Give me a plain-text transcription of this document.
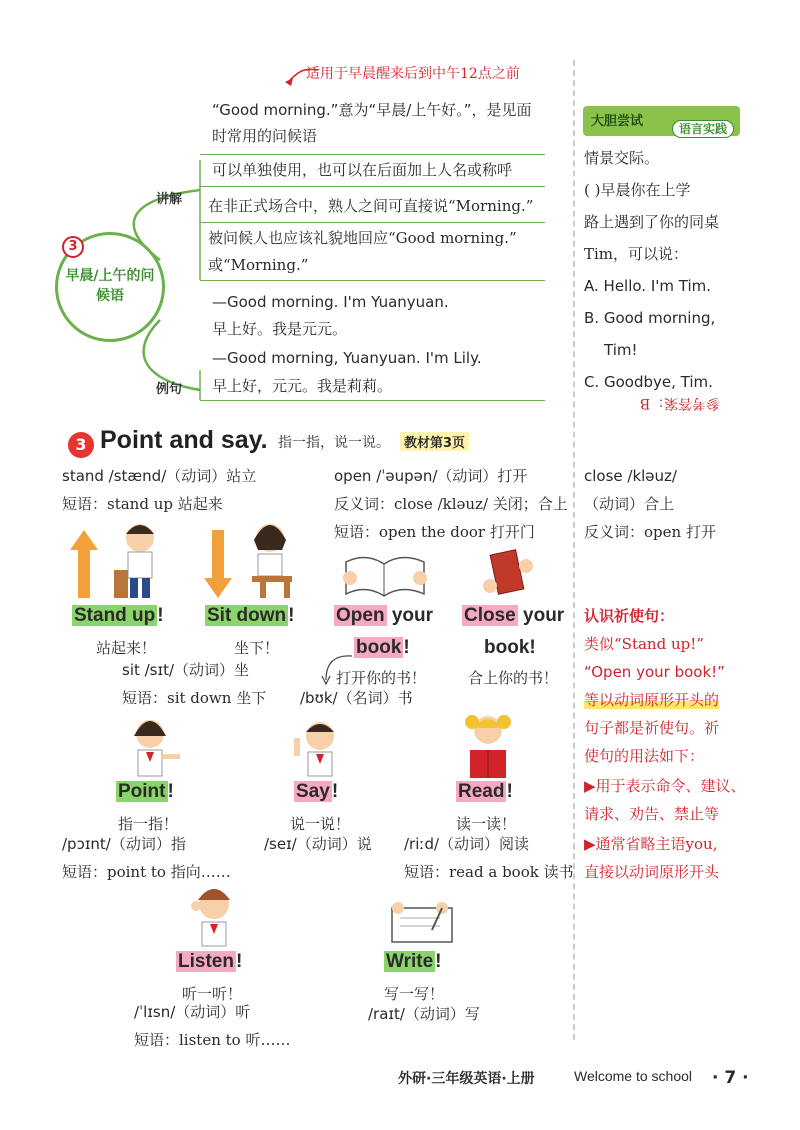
适用于早晨醒来后到中午12点之前
“Good morning.”意为“早晨/上午好。”，是见面
时常用的问候语
讲解
可以单独使用，也可以在后面加上人名或称呼
在非正式场合中，熟人之间可直接说“Morning.”
被问候人也应该礼貌地回应“Good morning.”
或“Morning.”
3
早晨/上午的问候语	—Good morning. I'm Yuanyuan.
早上好。我是元元。
—Good morning, Yuanyuan. I'm Lily.
例句 早上好，元元。我是莉莉。
大胆尝试	语言实践
情景交际。
( )早晨你在上学
路上遇到了你的同桌
Tim，可以说：
A. Hello. I'm Tim.
B. Good morning,
Tim!
C. Goodbye, Tim.
参考答案：B
3 Point and say. 指一指，说一说。	教材第3页
stand /stænd/（动词）站立
短语：stand up 站起来
open /ˈəupən/（动词）打开
反义词：close /kləuz/ 关闭；合上
短语：open the door 打开门
close /kləuz/
（动词）合上
反义词：open 打开
Stand up ! Sit down ! Open your
book !
Close your
book!
站起来！	坐下！
sit /sɪt/（动词）坐
短语：sit down 坐下
打开你的书！
/bʊk/（名词）书
合上你的书！
认识祈使句：
类似“Stand up!”
“Open your book!”
等以动词原形开头的
句子都是祈使句。祈
使句的用法如下：
▶用于表示命令、建议、
请求、劝告、禁止等
▶通常省略主语you,
直接以动词原形开头
Point !	Say !	Read !
指一指！
/pɔɪnt/（动词）指
短语：point to 指向……
说一说！
/seɪ/（动词）说
读一读！
/riːd/（动词）阅读
短语：read a book 读书
Listen !	Write !
听一听！
/ˈlɪsn/（动词）听
短语：listen to 听……
写一写！
/raɪt/（动词）写
外研·三年级英语·上册	Welcome to school · 7 ·
